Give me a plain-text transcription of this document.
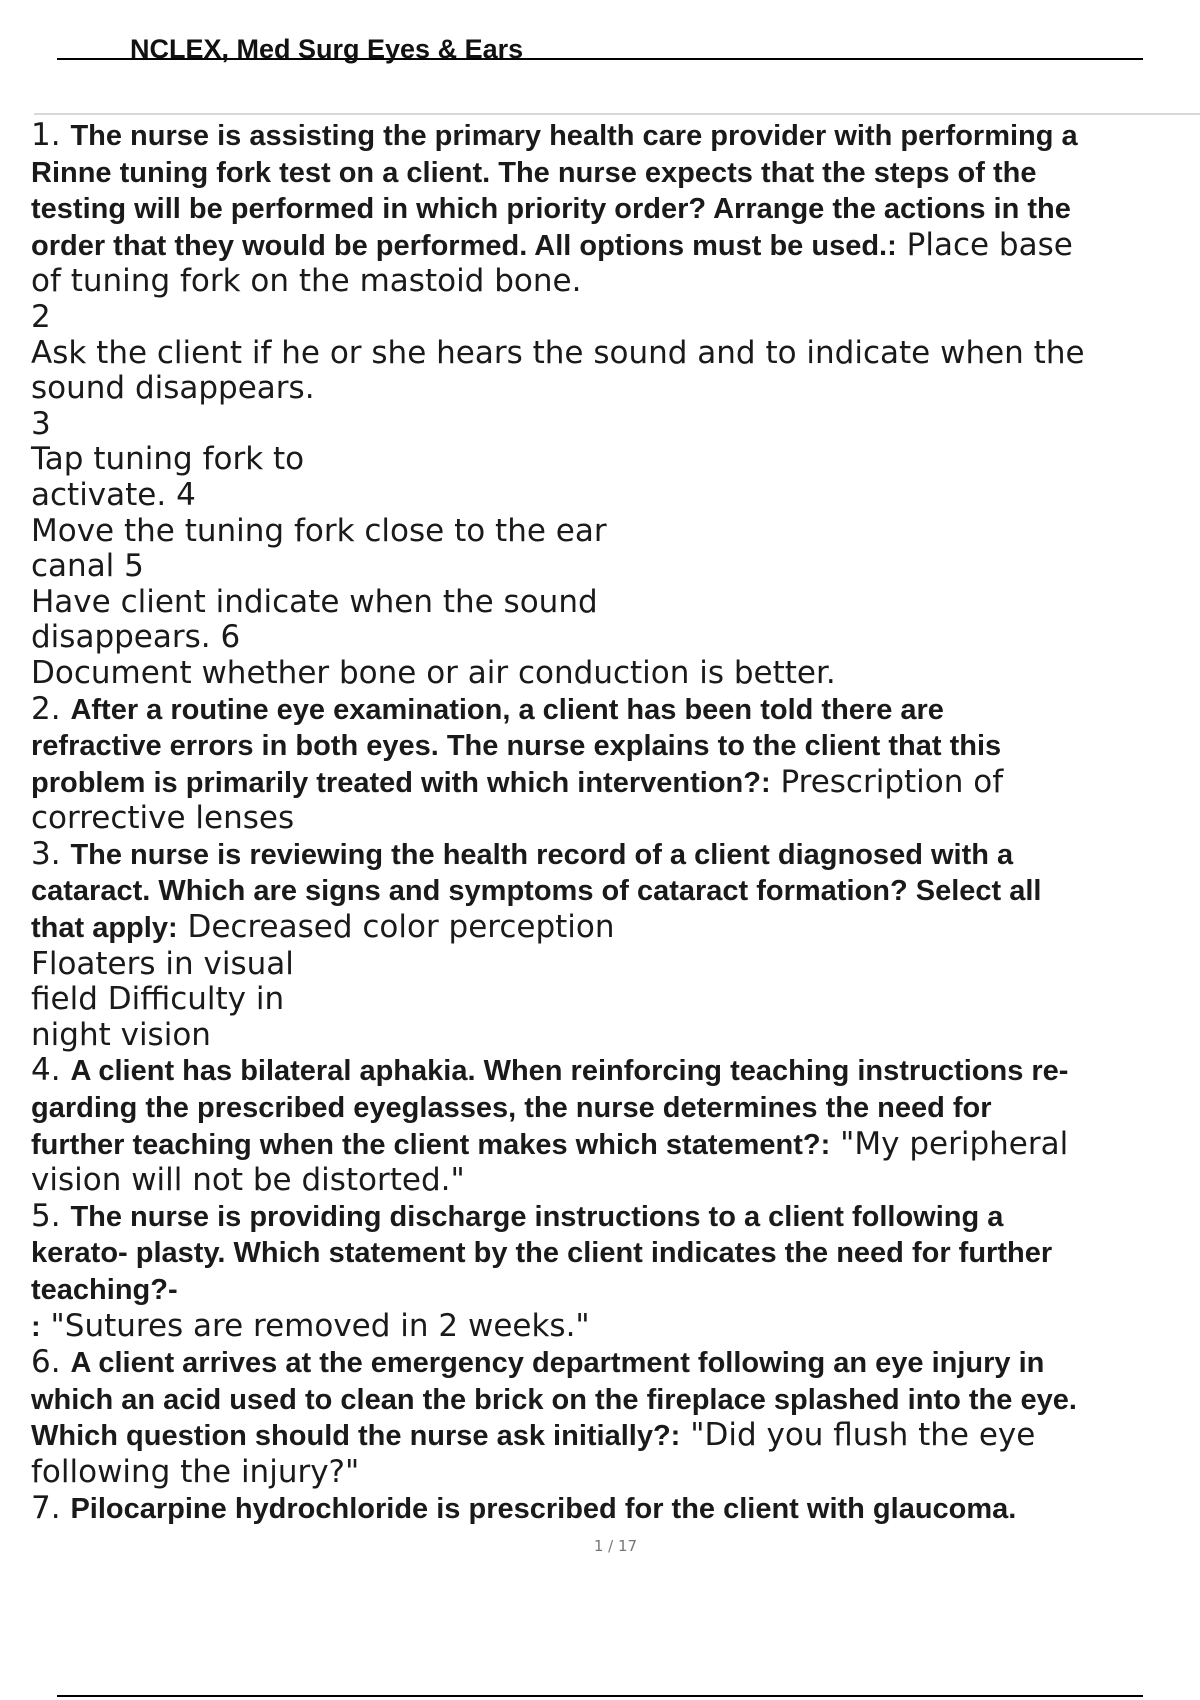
NCLEX, Med Surg Eyes & Ears
1. The nurse is assisting the primary health care provider with performing a
Rinne tuning fork test on a client. The nurse expects that the steps of the
testing will be performed in which priority order? Arrange the actions in the
order that they would be performed. All options must be used.: Place base
of tuning fork on the mastoid bone.
2
Ask the client if he or she hears the sound and to indicate when the
sound disappears.
3
Tap tuning fork to
activate. 4
Move the tuning fork close to the ear
canal 5
Have client indicate when the sound
disappears. 6
Document whether bone or air conduction is better.
2. After a routine eye examination, a client has been told there are
refractive errors in both eyes. The nurse explains to the client that this
problem is primarily treated with which intervention?: Prescription of
corrective lenses
3. The nurse is reviewing the health record of a client diagnosed with a
cataract. Which are signs and symptoms of cataract formation? Select all
that apply: Decreased color perception
Floaters in visual
field Difficulty in
night vision
4. A client has bilateral aphakia. When reinforcing teaching instructions re-
garding the prescribed eyeglasses, the nurse determines the need for
further teaching when the client makes which statement?: "My peripheral
vision will not be distorted."
5. The nurse is providing discharge instructions to a client following a
kerato- plasty. Which statement by the client indicates the need for further
teaching?-
: "Sutures are removed in 2 weeks."
6. A client arrives at the emergency department following an eye injury in
which an acid used to clean the brick on the fireplace splashed into the eye.
Which question should the nurse ask initially?: "Did you flush the eye
following the injury?"
7. Pilocarpine hydrochloride is prescribed for the client with glaucoma.
1 / 17
